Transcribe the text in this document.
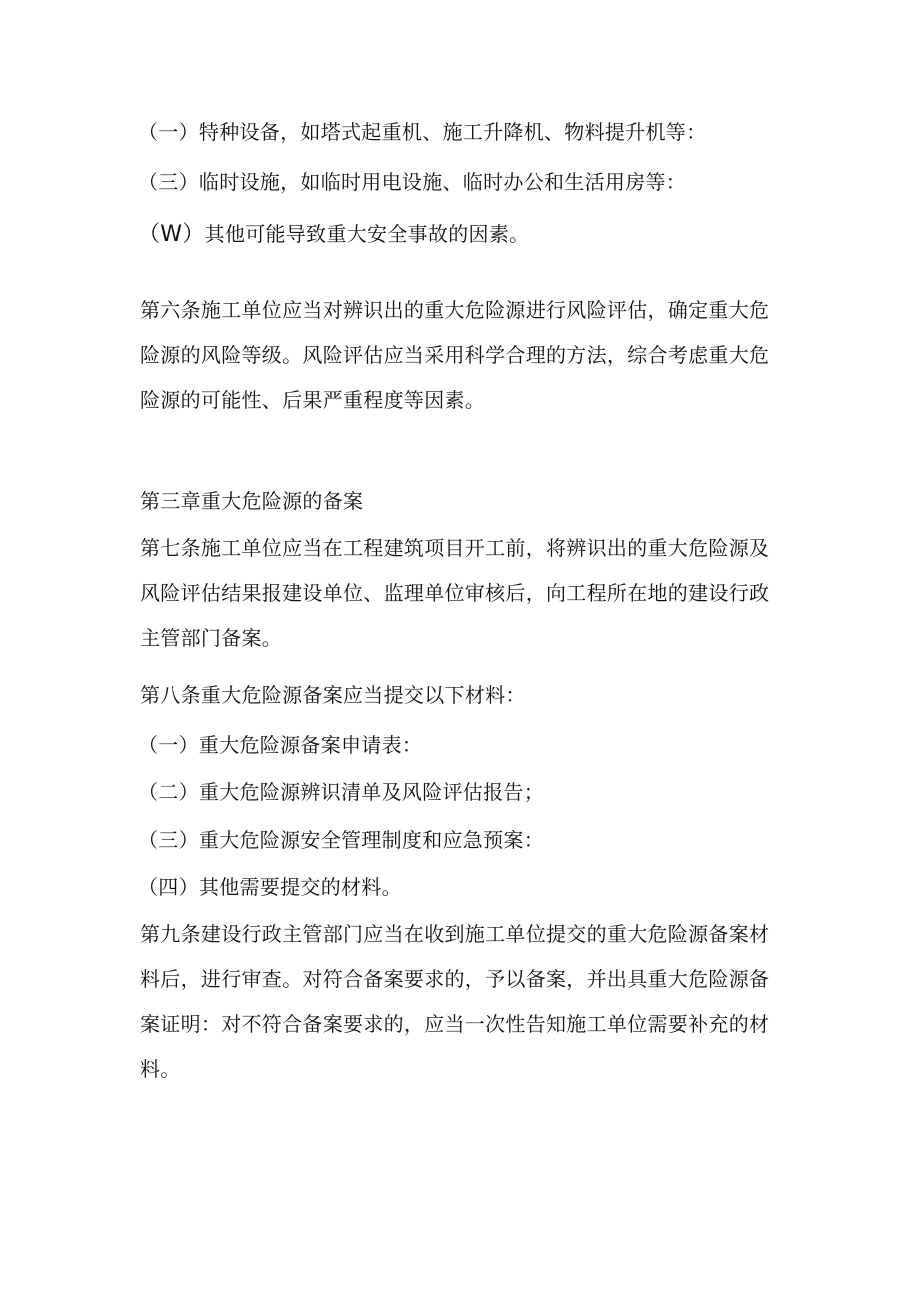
（一）特种设备，如塔式起重机、施工升降机、物料提升机等：
（三）临时设施，如临时用电设施、临时办公和生活用房等：
（W）其他可能导致重大安全事故的因素。
第六条施工单位应当对辨识出的重大危险源进行风险评估，确定重大危
险源的风险等级。风险评估应当采用科学合理的方法，综合考虑重大危
险源的可能性、后果严重程度等因素。
第三章重大危险源的备案
第七条施工单位应当在工程建筑项目开工前，将辨识出的重大危险源及
风险评估结果报建设单位、监理单位审核后，向工程所在地的建设行政
主管部门备案。
第八条重大危险源备案应当提交以下材料：
（一）重大危险源备案申请表：
（二）重大危险源辨识清单及风险评估报告；
（三）重大危险源安全管理制度和应急预案：
（四）其他需要提交的材料。
第九条建设行政主管部门应当在收到施工单位提交的重大危险源备案材
料后，进行审查。对符合备案要求的，予以备案，并出具重大危险源备
案证明：对不符合备案要求的，应当一次性告知施工单位需要补充的材
料。
